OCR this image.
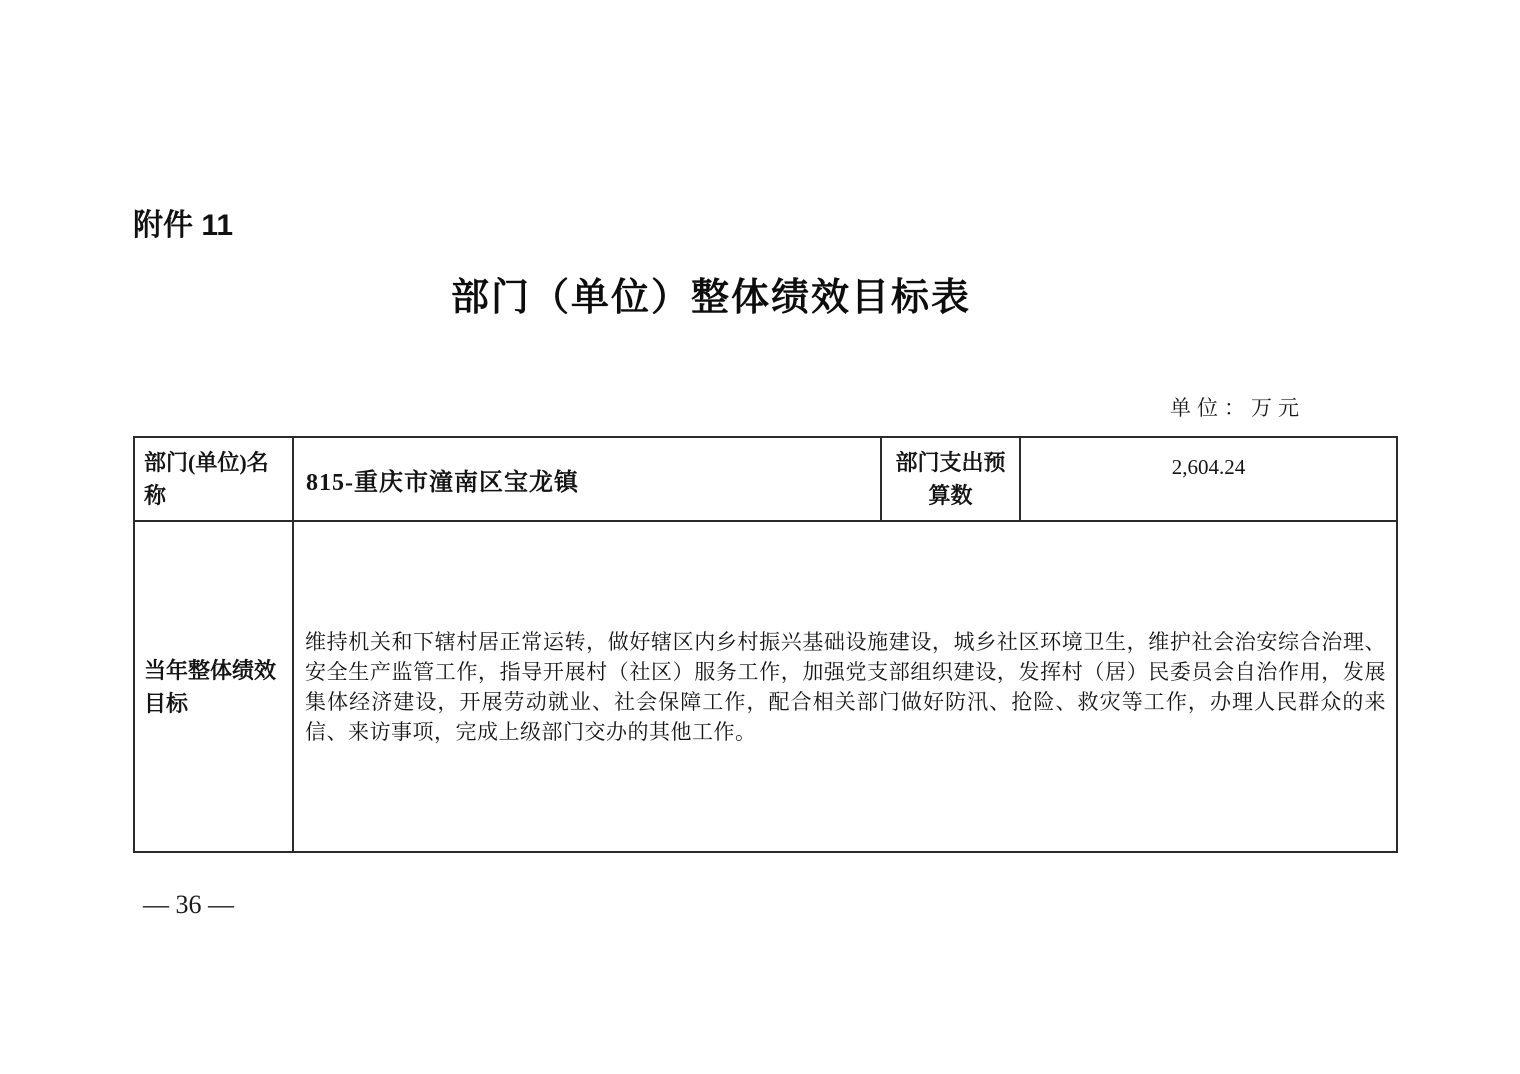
附件 11
部门（单位）整体绩效目标表
单位：万元
部门(单位)名称	815-重庆市潼南区宝龙镇	部门支出预算数	2,604.24
当年整体绩效目标	维持机关和下辖村居正常运转，做好辖区内乡村振兴基础设施建设，城乡社区环境卫生，维护社会治安综合治理、安全生产监管工作，指导开展村（社区）服务工作，加强党支部组织建设，发挥村（居）民委员会自治作用，发展集体经济建设，开展劳动就业、社会保障工作，配合相关部门做好防汛、抢险、救灾等工作，办理人民群众的来信、来访事项，完成上级部门交办的其他工作。		
— 36 —
